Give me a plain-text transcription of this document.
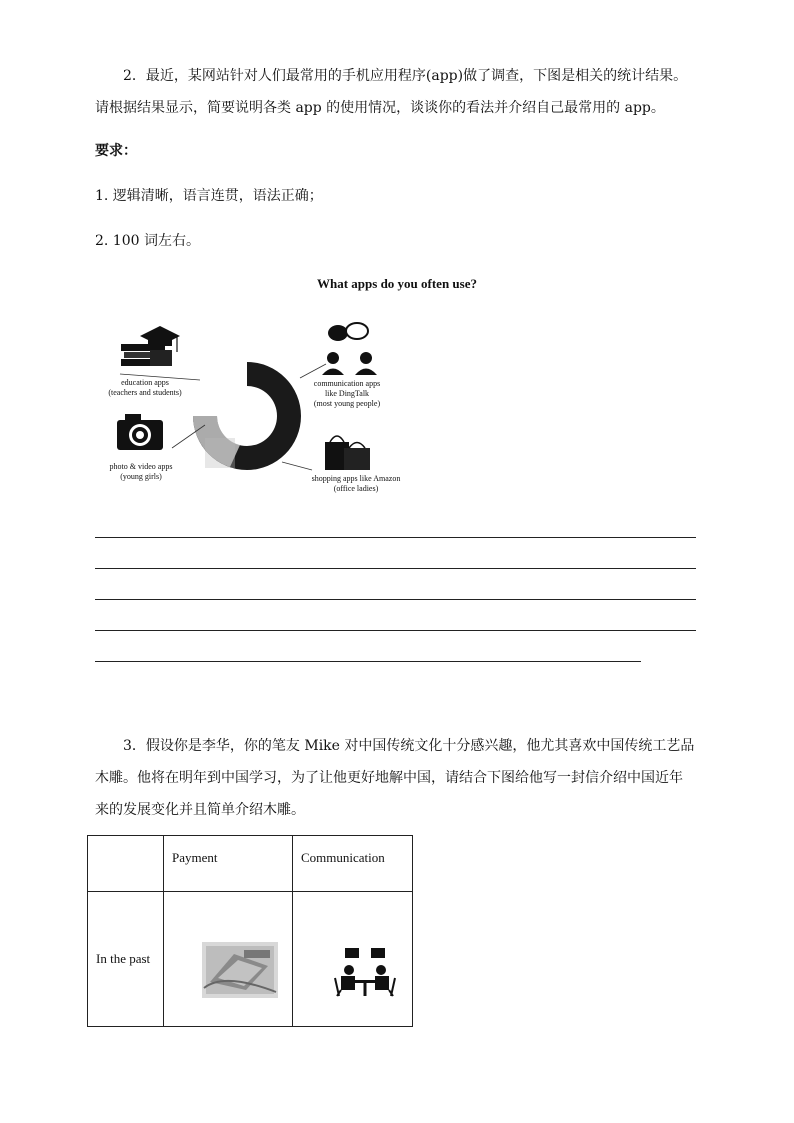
2．最近，某网站针对人们最常用的手机应用程序(app)做了调查，下图是相关的统计结果。请根据结果显示，简要说明各类 app 的使用情况，谈谈你的看法并介绍自己最常用的 app。

要求：

1. 逻辑清晰，语言连贯，语法正确；

2. 100 词左右。

What apps do you often use?
education apps
(teachers and students)
photo & video apps
(young girls)
communication apps
like DingTalk
(most young people)
shopping apps like Amazon
(office ladies)

3．假设你是李华，你的笔友 Mike 对中国传统文化十分感兴趣，他尤其喜欢中国传统工艺品木雕。他将在明年到中国学习，为了让他更好地解中国，请结合下图给他写一封信介绍中国近年来的发展变化并且简单介绍木雕。

	Payment	Communication

In the past
